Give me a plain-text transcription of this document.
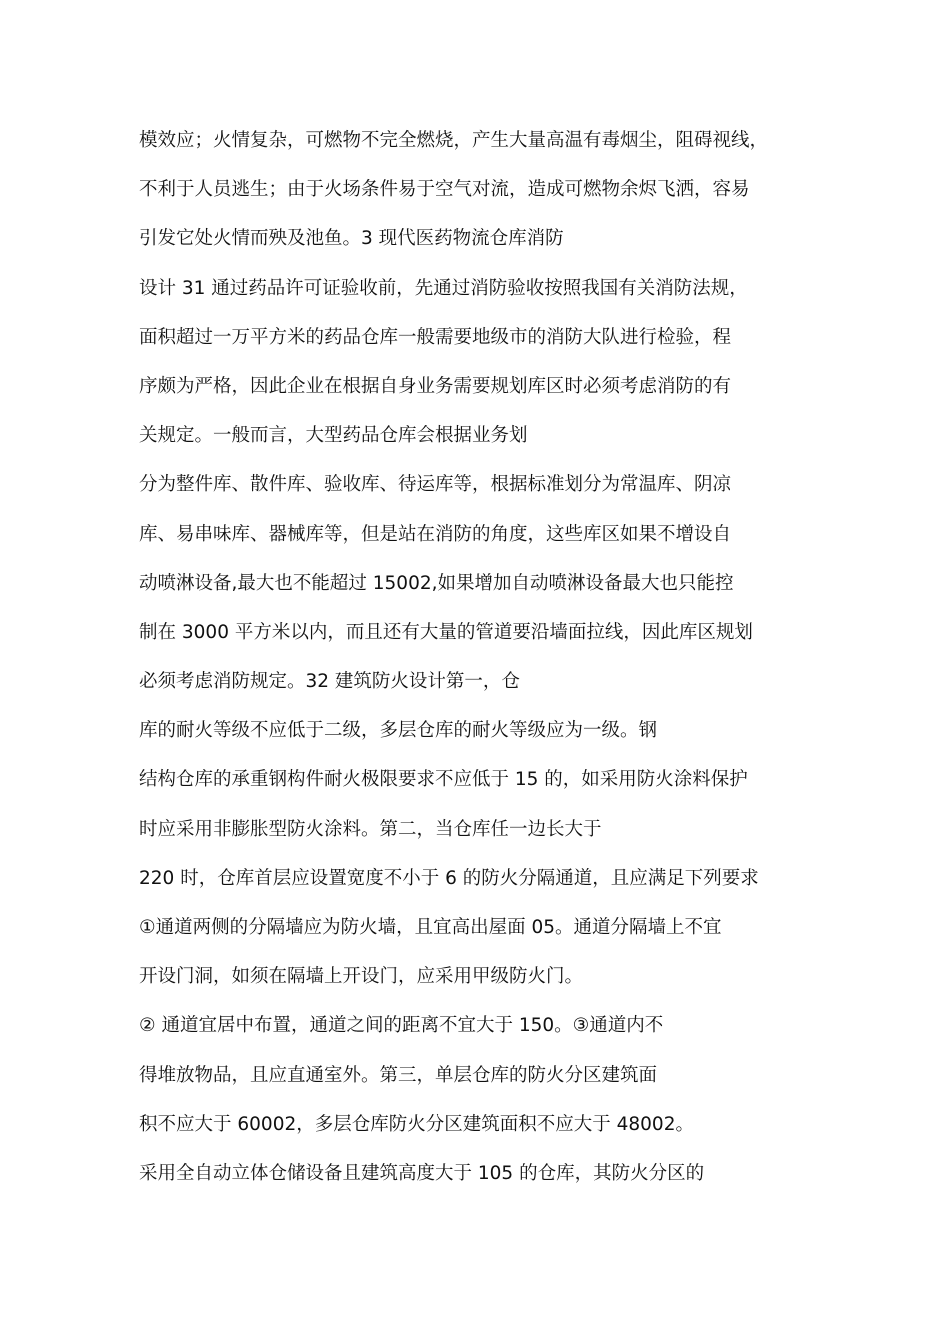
模效应；火情复杂，可燃物不完全燃烧，产生大量高温有毒烟尘，阻碍视线，
不利于人员逃生；由于火场条件易于空气对流，造成可燃物余烬飞洒，容易
引发它处火情而殃及池鱼。3 现代医药物流仓库消防
设计 31 通过药品许可证验收前，先通过消防验收按照我国有关消防法规，
面积超过一万平方米的药品仓库一般需要地级市的消防大队进行检验，程
序颇为严格，因此企业在根据自身业务需要规划库区时必须考虑消防的有
关规定。一般而言，大型药品仓库会根据业务划
分为整件库、散件库、验收库、待运库等，根据标准划分为常温库、阴凉
库、易串味库、器械库等，但是站在消防的角度，这些库区如果不增设自
动喷淋设备,最大也不能超过 15002,如果增加自动喷淋设备最大也只能控
制在 3000 平方米以内，而且还有大量的管道要沿墙面拉线，因此库区规划
必须考虑消防规定。32 建筑防火设计第一，仓
库的耐火等级不应低于二级，多层仓库的耐火等级应为一级。钢
结构仓库的承重钢构件耐火极限要求不应低于 15 的，如采用防火涂料保护
时应采用非膨胀型防火涂料。第二，当仓库任一边长大于
220 时，仓库首层应设置宽度不小于 6 的防火分隔通道，且应满足下列要求
①通道两侧的分隔墙应为防火墙，且宜高出屋面 05。通道分隔墙上不宜
开设门洞，如须在隔墙上开设门，应采用甲级防火门。
② 通道宜居中布置，通道之间的距离不宜大于 150。③通道内不
得堆放物品，且应直通室外。第三，单层仓库的防火分区建筑面
积不应大于 60002，多层仓库防火分区建筑面积不应大于 48002。
采用全自动立体仓储设备且建筑高度大于 105 的仓库，其防火分区的
